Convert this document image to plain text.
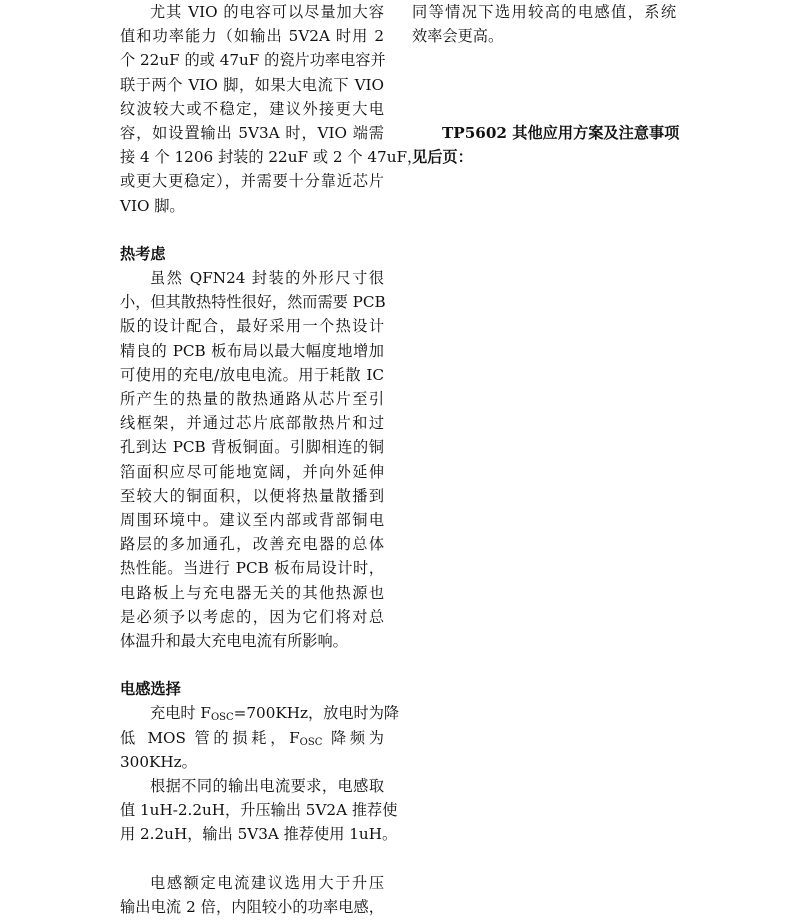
尤其 VIO 的电容可以尽量加大容
值和功率能力（如输出 5V2A 时用 2
个 22uF 的或 47uF 的瓷片功率电容并
联于两个 VIO 脚，如果大电流下 VIO
纹波较大或不稳定，建议外接更大电
容，如设置输出 5V3A 时，VIO 端需
接 4 个 1206 封装的 22uF 或 2 个 47uF，
或更大更稳定），并需要十分靠近芯片
VIO 脚。
热考虑
虽然 QFN24 封装的外形尺寸很
小，但其散热特性很好，然而需要 PCB
版的设计配合，最好采用一个热设计
精良的 PCB 板布局以最大幅度地增加
可使用的充电/放电电流。用于耗散 IC
所产生的热量的散热通路从芯片至引
线框架，并通过芯片底部散热片和过
孔到达 PCB 背板铜面。引脚相连的铜
箔面积应尽可能地宽阔，并向外延伸
至较大的铜面积，以便将热量散播到
周围环境中。建议至内部或背部铜电
路层的多加通孔，改善充电器的总体
热性能。当进行 PCB 板布局设计时，
电路板上与充电器无关的其他热源也
是必须予以考虑的，因为它们将对总
体温升和最大充电电流有所影响。
电感选择
充电时 $F_{OSC}=700KHz$，放电时为降
低 MOS 管的损耗，$F_{OSC}$ 降频为
300KHz。
根据不同的输出电流要求，电感取
值 1uH-2.2uH，升压输出 5V2A 推荐使
用 2.2uH，输出 5V3A 推荐使用 1uH。
电感额定电流建议选用大于升压
输出电流 2 倍，内阻较小的功率电感，
同等情况下选用较高的电感值，系统
效率会更高。
TP5602 其他应用方案及注意事项
见后页：
